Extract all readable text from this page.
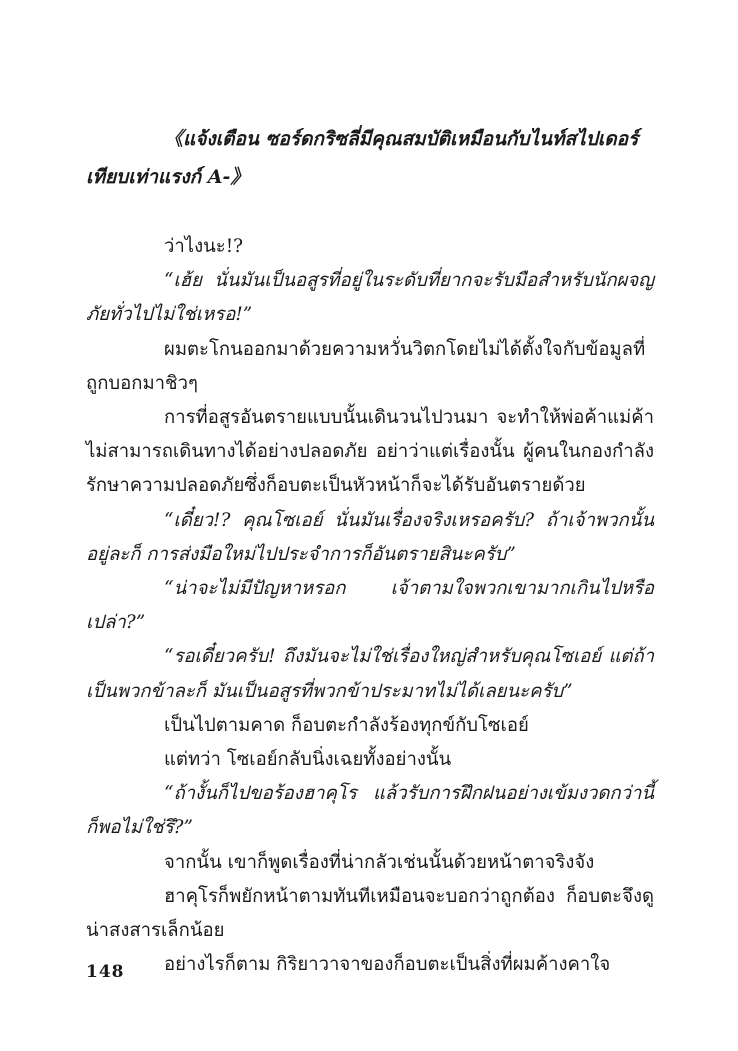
《แจ้งเตือน ซอร์ดกริซลี่มีคุณสมบัติเหมือนกับไนท์สไปเดอร์เทียบเท่าแรงก์ A-》

ว่าไงนะ!?

“เฮ้ย นั่นมันเป็นอสูรที่อยู่ในระดับที่ยากจะรับมือสำหรับนักผจญภัยทั่วไปไม่ใช่เหรอ!”

ผมตะโกนออกมาด้วยความหวั่นวิตกโดยไม่ได้ตั้งใจกับข้อมูลที่ถูกบอกมาชิวๆ

การที่อสูรอันตรายแบบนั้นเดินวนไปวนมา จะทำให้พ่อค้าแม่ค้าไม่สามารถเดินทางได้อย่างปลอดภัย อย่าว่าแต่เรื่องนั้น ผู้คนในกองกำลังรักษาความปลอดภัยซึ่งก็อบตะเป็นหัวหน้าก็จะได้รับอันตรายด้วย

“เดี๋ยว!? คุณโซเอย์ นั่นมันเรื่องจริงเหรอครับ? ถ้าเจ้าพวกนั้นอยู่ละก็ การส่งมือใหม่ไปประจำการก็อันตรายสินะครับ”

“น่าจะไม่มีปัญหาหรอก เจ้าตามใจพวกเขามากเกินไปหรือเปล่า?”

“รอเดี๋ยวครับ! ถึงมันจะไม่ใช่เรื่องใหญ่สำหรับคุณโซเอย์ แต่ถ้าเป็นพวกข้าละก็ มันเป็นอสูรที่พวกข้าประมาทไม่ได้เลยนะครับ”

เป็นไปตามคาด ก็อบตะกำลังร้องทุกข์กับโซเอย์

แต่ทว่า โซเอย์กลับนิ่งเฉยทั้งอย่างนั้น

“ถ้างั้นก็ไปขอร้องฮาคุโร แล้วรับการฝึกฝนอย่างเข้มงวดกว่านี้ก็พอไม่ใช่รึ?”

จากนั้น เขาก็พูดเรื่องที่น่ากลัวเช่นนั้นด้วยหน้าตาจริงจัง

ฮาคุโรก็พยักหน้าตามทันทีเหมือนจะบอกว่าถูกต้อง ก็อบตะจึงดูน่าสงสารเล็กน้อย

อย่างไรก็ตาม กิริยาวาจาของก็อบตะเป็นสิ่งที่ผมค้างคาใจ

148
